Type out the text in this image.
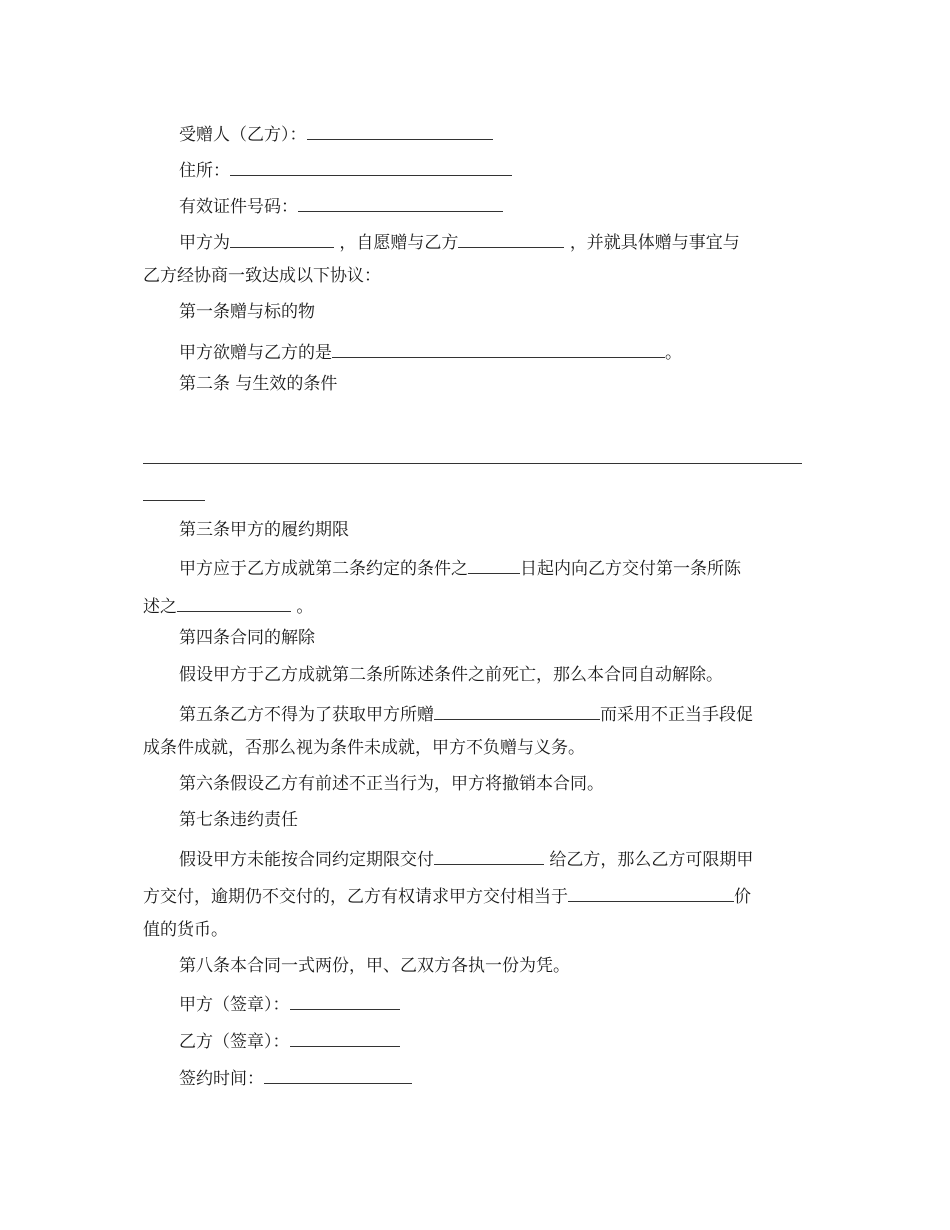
受赠人（乙方）：
住所：
有效证件号码：
甲方为	，自愿赠与乙方	，并就具体赠与事宜与
乙方经协商一致达成以下协议：
第一条赠与标的物
甲方欲赠与乙方的是	。
第二条 与生效的条件
第三条甲方的履约期限
甲方应于乙方成就第二条约定的条件之	日起内向乙方交付第一条所陈
述之	。
第四条合同的解除
假设甲方于乙方成就第二条所陈述条件之前死亡，那么本合同自动解除。
第五条乙方不得为了获取甲方所赠	而采用不正当手段促
成条件成就，否那么视为条件未成就，甲方不负赠与义务。
第六条假设乙方有前述不正当行为，甲方将撤销本合同。
第七条违约责任
假设甲方未能按合同约定期限交付	给乙方，那么乙方可限期甲
方交付，逾期仍不交付的，乙方有权请求甲方交付相当于	价
值的货币。
第八条本合同一式两份，甲、乙双方各执一份为凭。
甲方（签章）：
乙方（签章）：
签约时间：
